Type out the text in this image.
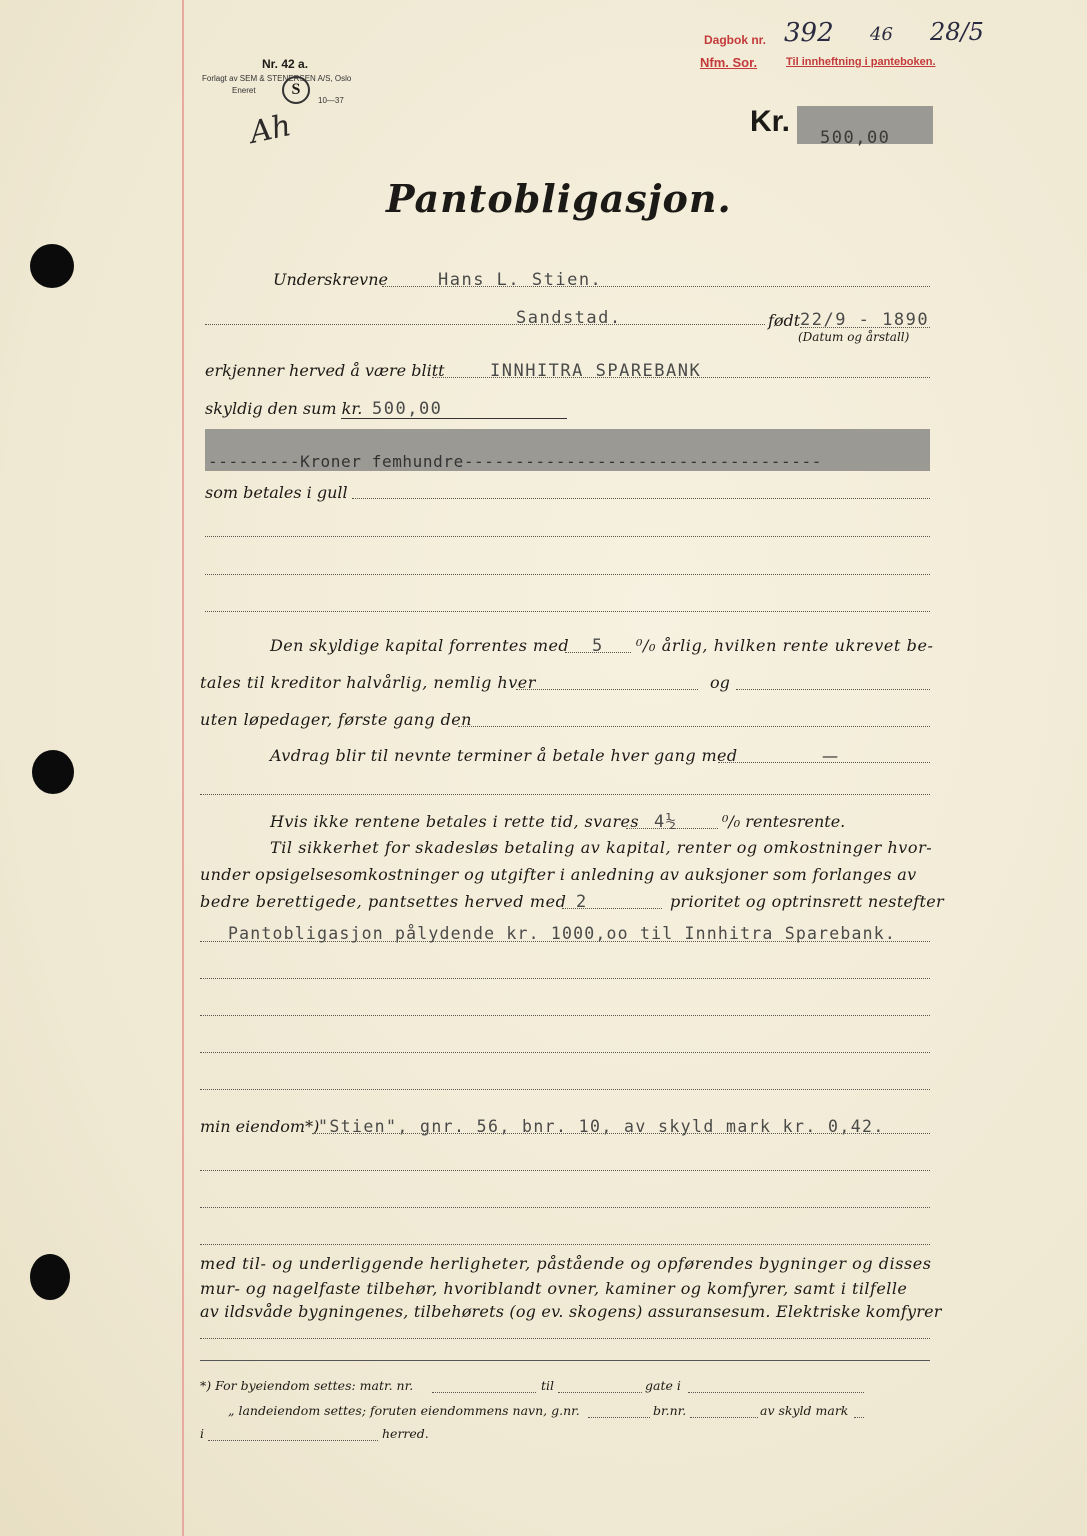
Nr. 42 a.
Forlagt av SEM & STENERSEN A/S, Oslo
Eneret
10—37
S
Ah
Dagbok nr. 392 46 28/5
Nfm. Sor.	Til innheftning i panteboken.
Kr. 500,00
Pantobligasjon.
Underskrevne	Hans L. Stien.
Sandstad.	født 22/9 - 1890
(Datum og årstall)
erkjenner herved å være blitt	INNHITRA SPAREBANK
skyldig den sum kr. 500,00
---------Kroner femhundre-----------------------------------
som betales i gull
Den skyldige kapital forrentes med 5 ⁰/₀ årlig, hvilken rente ukrevet be-
tales til kreditor halvårlig, nemlig hver	og
uten løpedager, første gang den
Avdrag blir til nevnte terminer å betale hver gang med	—
Hvis ikke rentene betales i rette tid, svares 4½	⁰/₀ rentesrente.
Til sikkerhet for skadesløs betaling av kapital, renter og omkostninger hvor-
under opsigelsesomkostninger og utgifter i anledning av auksjoner som forlanges av
bedre berettigede, pantsettes herved med 2	prioritet og optrinsrett nestefter
Pantobligasjon pålydende kr. 1000,oo til Innhitra Sparebank.
min eiendom*)
"Stien", gnr. 56, bnr. 10, av skyld mark kr. 0,42.
med til- og underliggende herligheter, påstående og opførendes bygninger og disses
mur- og nagelfaste tilbehør, hvoriblandt ovner, kaminer og komfyrer, samt i tilfelle
av ildsvåde bygningenes, tilbehørets (og ev. skogens) assuransesum. Elektriske komfyrer
*) For byeiendom settes: matr. nr.	til	gate i
„ landeiendom settes; foruten eiendommens navn, g.nr.	br.nr.	av skyld mark
i	herred.
